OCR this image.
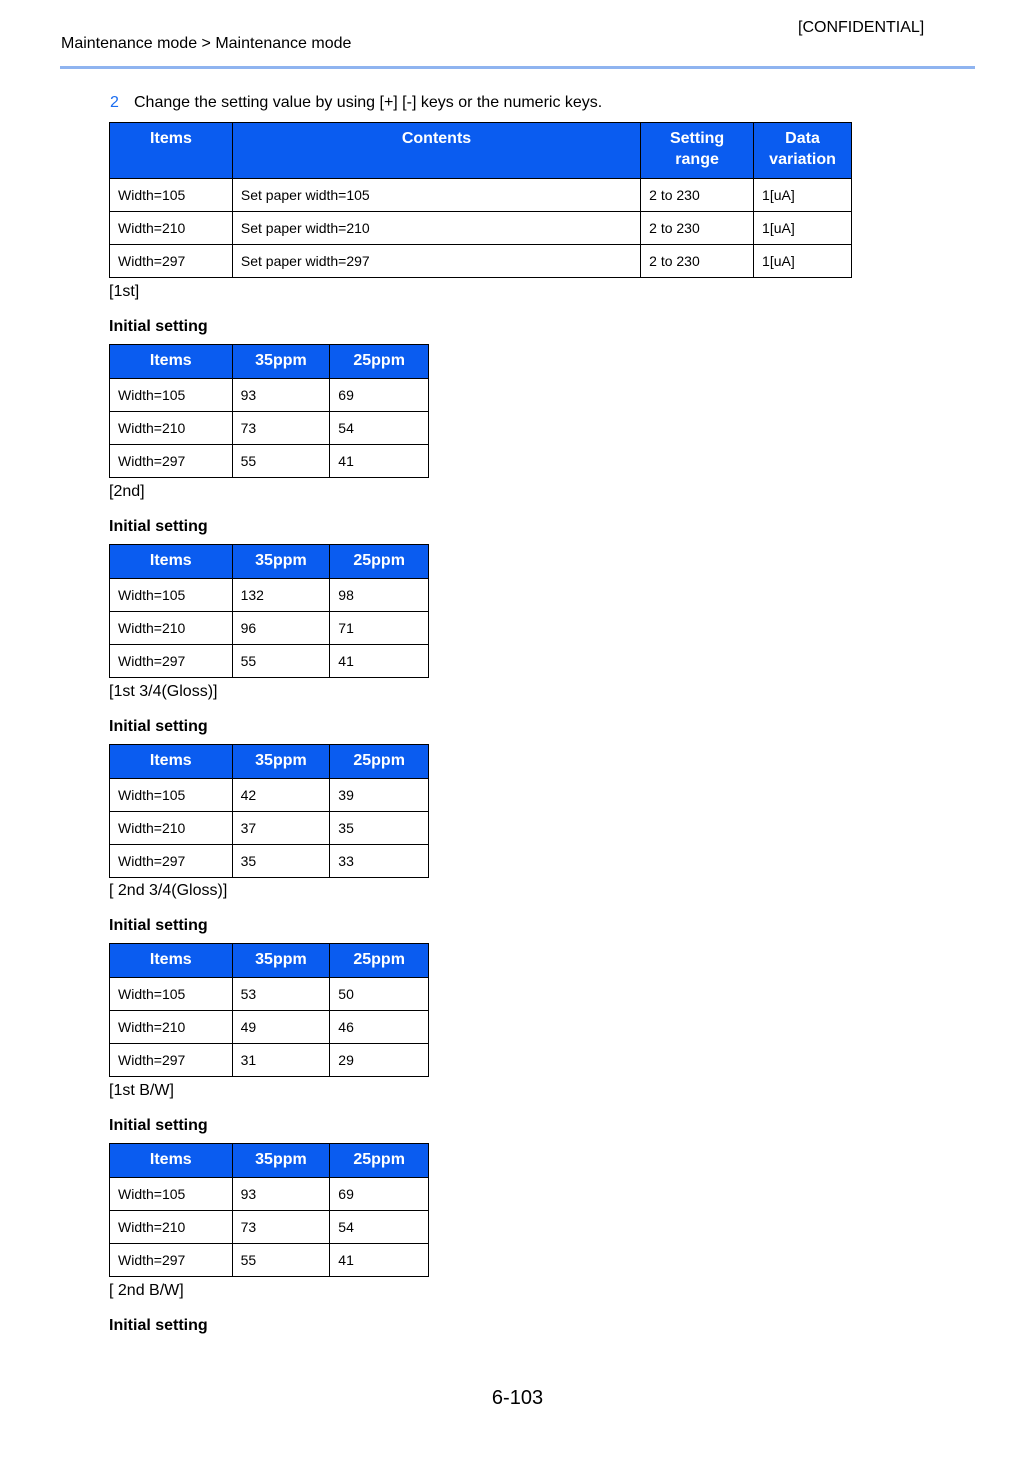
[CONFIDENTIAL]
Maintenance mode > Maintenance mode
2 Change the setting value by using [+] [-] keys or the numeric keys.
Items	Contents	Setting range	Data variation
Width=105	Set paper width=105	2 to 230	1[uA]
Width=210	Set paper width=210	2 to 230	1[uA]
Width=297	Set paper width=297	2 to 230	1[uA]

[1st]

Initial setting

Items	35ppm	25ppm
Width=105	93	69
Width=210	73	54
Width=297	55	41

[2nd]

Initial setting

Items	35ppm	25ppm
Width=105	132	98
Width=210	96	71
Width=297	55	41

[1st 3/4(Gloss)]

Initial setting

Items	35ppm	25ppm
Width=105	42	39
Width=210	37	35
Width=297	35	33

[ 2nd 3/4(Gloss)]

Initial setting

Items	35ppm	25ppm
Width=105	53	50
Width=210	49	46
Width=297	31	29

[1st B/W]

Initial setting

Items	35ppm	25ppm
Width=105	93	69
Width=210	73	54
Width=297	55	41

[ 2nd B/W]

Initial setting

6-103
